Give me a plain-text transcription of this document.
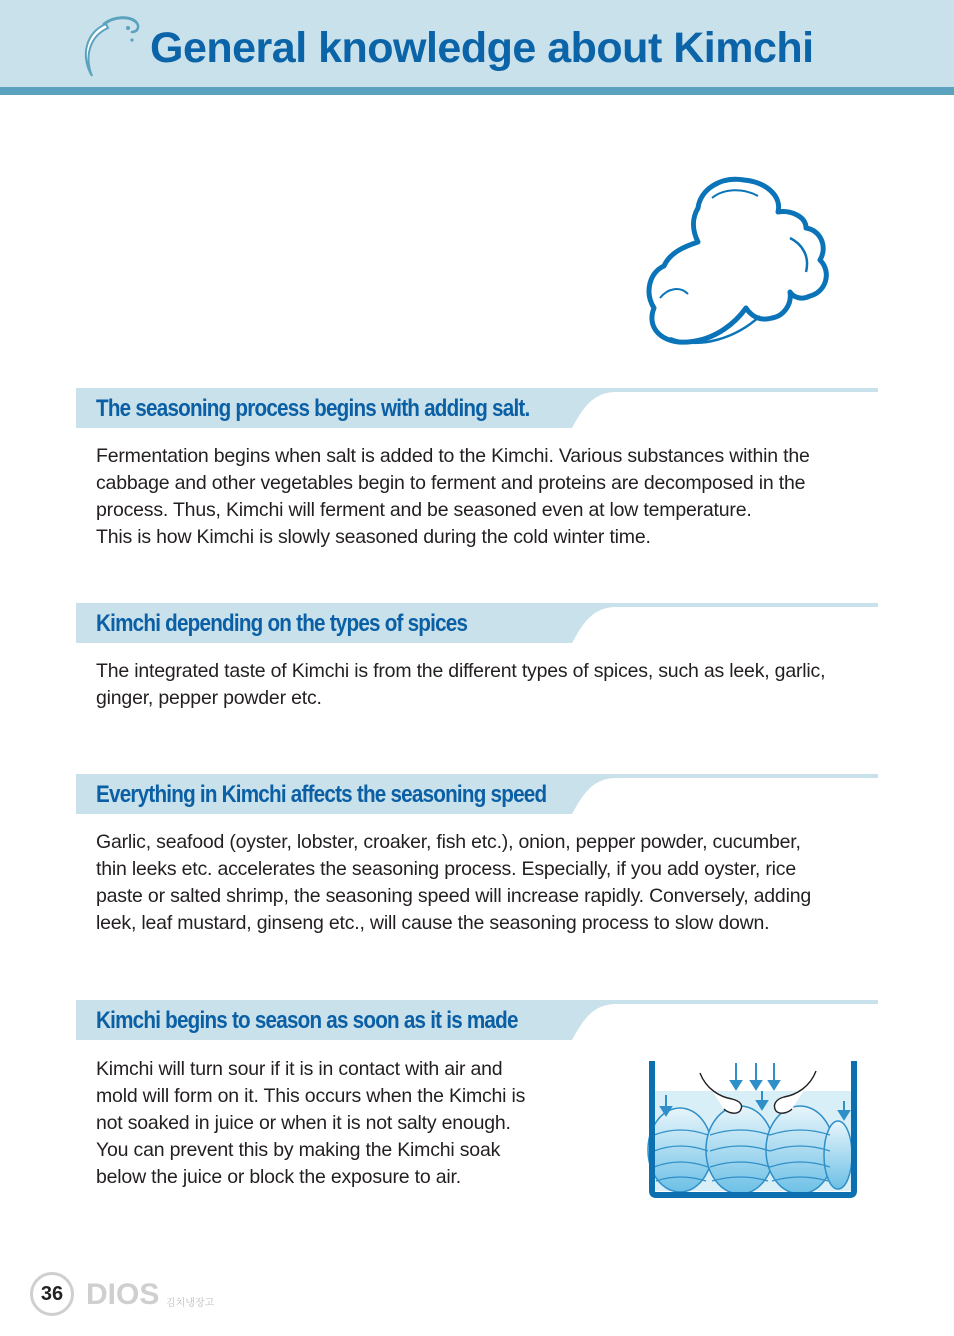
General knowledge about Kimchi
The seasoning process begins with adding salt.

Fermentation begins when salt is added to the Kimchi. Various substances within the
cabbage and other vegetables begin to ferment and proteins are decomposed in the
process. Thus, Kimchi will ferment and be seasoned even at low temperature.
This is how Kimchi is slowly seasoned during the cold winter time.

Kimchi depending on the types of spices

The integrated taste of Kimchi is from the different types of spices, such as leek, garlic,
ginger, pepper powder etc.

Everything in Kimchi affects the seasoning speed

Garlic, seafood (oyster, lobster, croaker, fish etc.), onion, pepper powder, cucumber,
thin leeks etc. accelerates the seasoning process. Especially, if you add oyster, rice
paste or salted shrimp, the seasoning speed will increase rapidly. Conversely, adding
leek, leaf mustard, ginseng etc., will cause the seasoning process to slow down.

Kimchi begins to season as soon as it is made

Kimchi will turn sour if it is in contact with air and
mold will form on it. This occurs when the Kimchi is
not soaked in juice or when it is not salty enough.
You can prevent this by making the Kimchi soak
below the juice or block the exposure to air.

36 DIOS 김치냉장고
